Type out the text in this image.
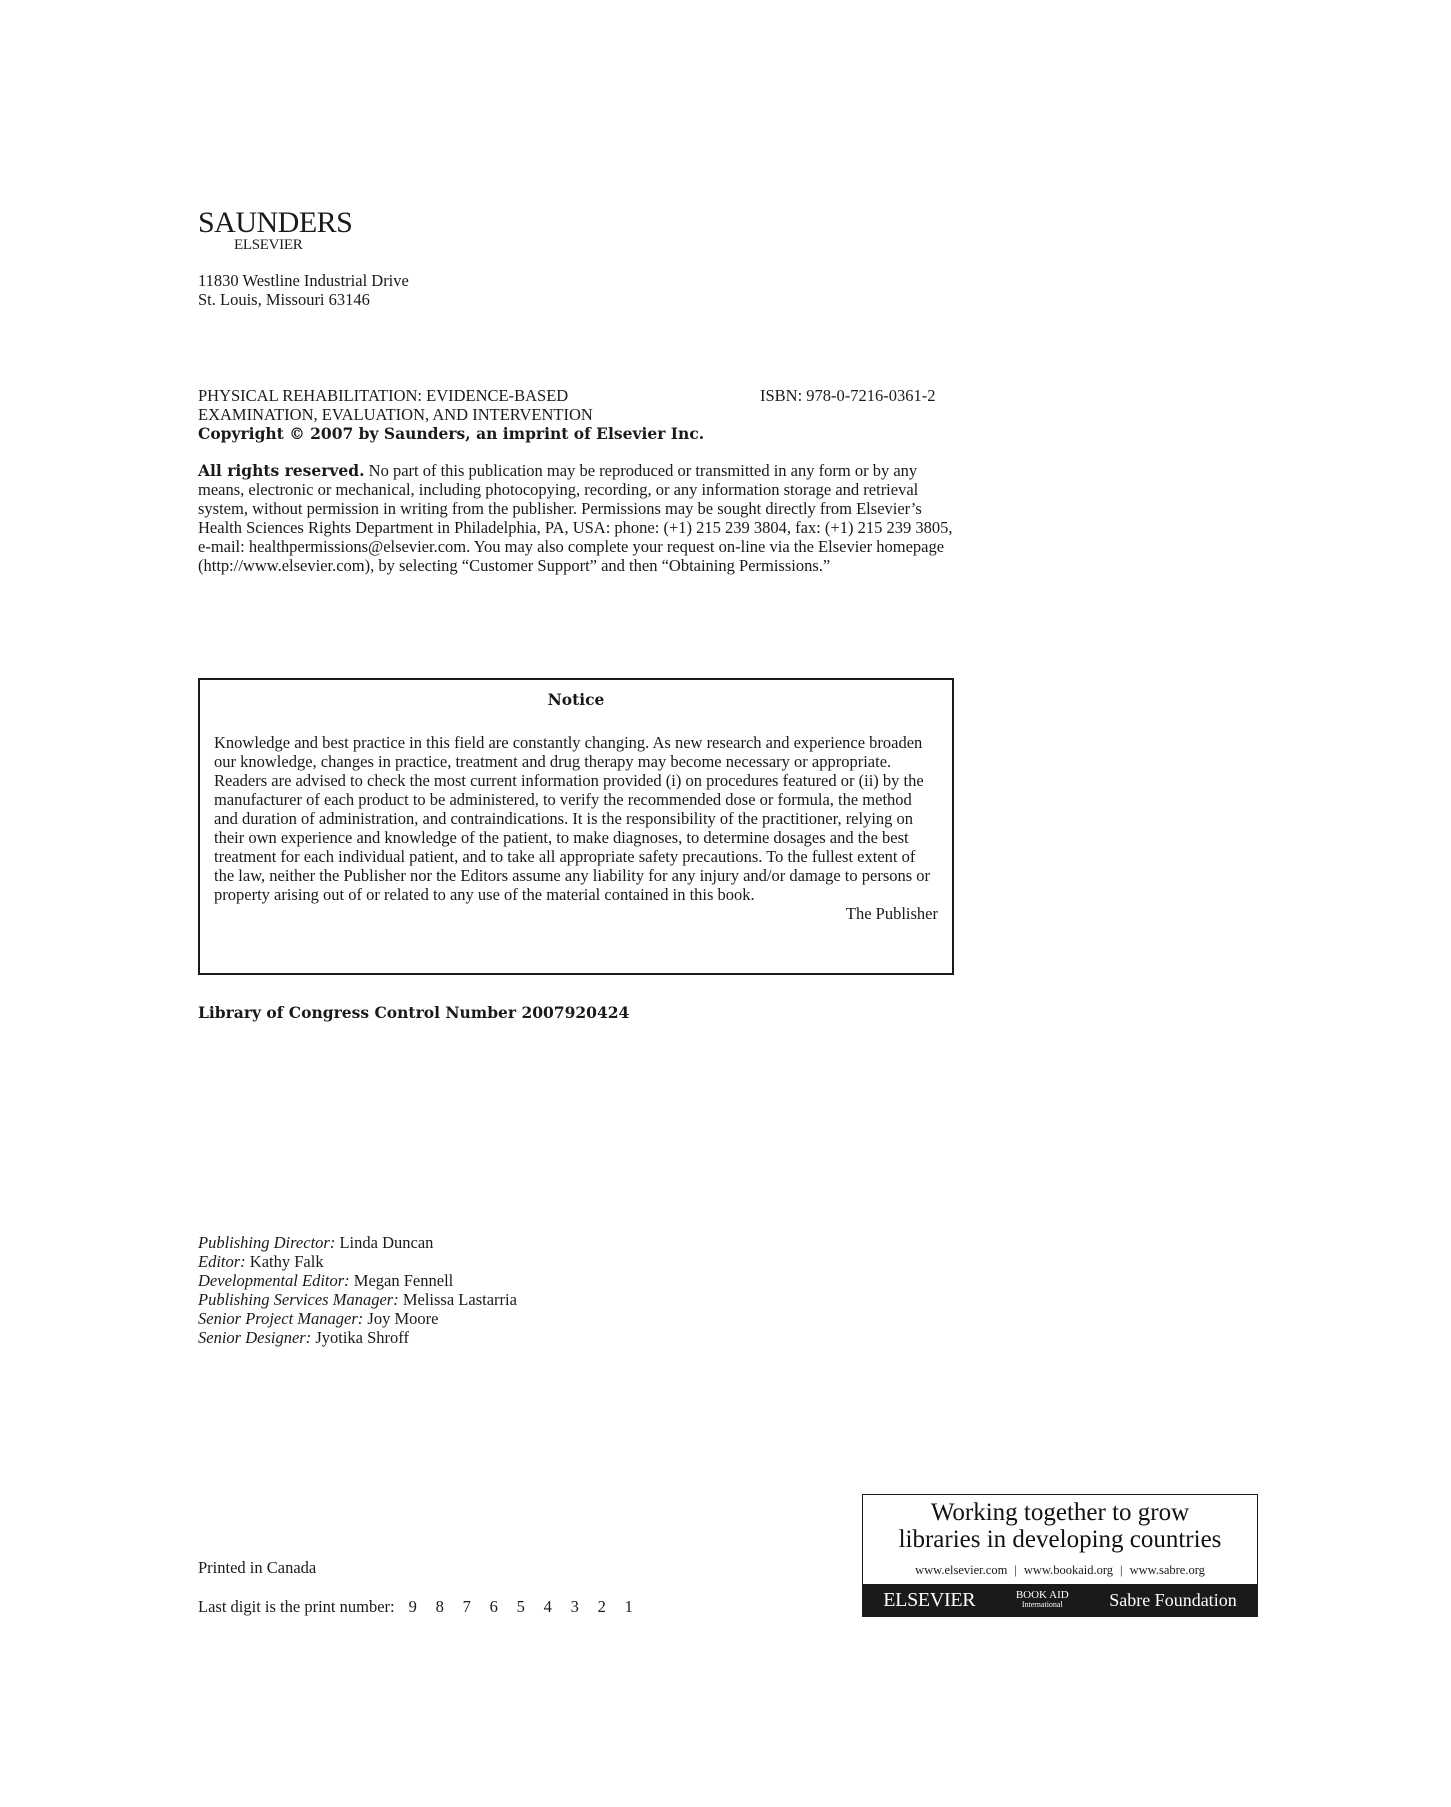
SAUNDERS
ELSEVIER
11830 Westline Industrial Drive
St. Louis, Missouri 63146
PHYSICAL REHABILITATION: EVIDENCE-BASED
EXAMINATION, EVALUATION, AND INTERVENTION
Copyright © 2007 by Saunders, an imprint of Elsevier Inc.
ISBN: 978-0-7216-0361-2

All rights reserved. No part of this publication may be reproduced or transmitted in any form or by any means, electronic or mechanical, including photocopying, recording, or any information storage and retrieval system, without permission in writing from the publisher. Permissions may be sought directly from Elsevier’s Health Sciences Rights Department in Philadelphia, PA, USA: phone: (+1) 215 239 3804, fax: (+1) 215 239 3805, e-mail: healthpermissions@elsevier.com. You may also complete your request on-line via the Elsevier homepage (http://www.elsevier.com), by selecting “Customer Support” and then “Obtaining Permissions.”

Notice

Knowledge and best practice in this field are constantly changing. As new research and experience broaden our knowledge, changes in practice, treatment and drug therapy may become necessary or appropriate. Readers are advised to check the most current information provided (i) on procedures featured or (ii) by the manufacturer of each product to be administered, to verify the recommended dose or formula, the method and duration of administration, and contraindications. It is the responsibility of the practitioner, relying on their own experience and knowledge of the patient, to make diagnoses, to determine dosages and the best treatment for each individual patient, and to take all appropriate safety precautions. To the fullest extent of the law, neither the Publisher nor the Editors assume any liability for any injury and/or damage to persons or property arising out of or related to any use of the material contained in this book.

The Publisher

Library of Congress Control Number 2007920424
Publishing Director: Linda Duncan
Editor: Kathy Falk
Developmental Editor: Megan Fennell
Publishing Services Manager: Melissa Lastarria
Senior Project Manager: Joy Moore
Senior Designer: Jyotika Shroff
Printed in Canada
Last digit is the print number: 9 8 7 6 5 4 3 2 1
Working together to grow
libraries in developing countries
www.elsevier.com | www.bookaid.org | www.sabre.org
ELSEVIER	BOOK AID
International	Sabre Foundation
